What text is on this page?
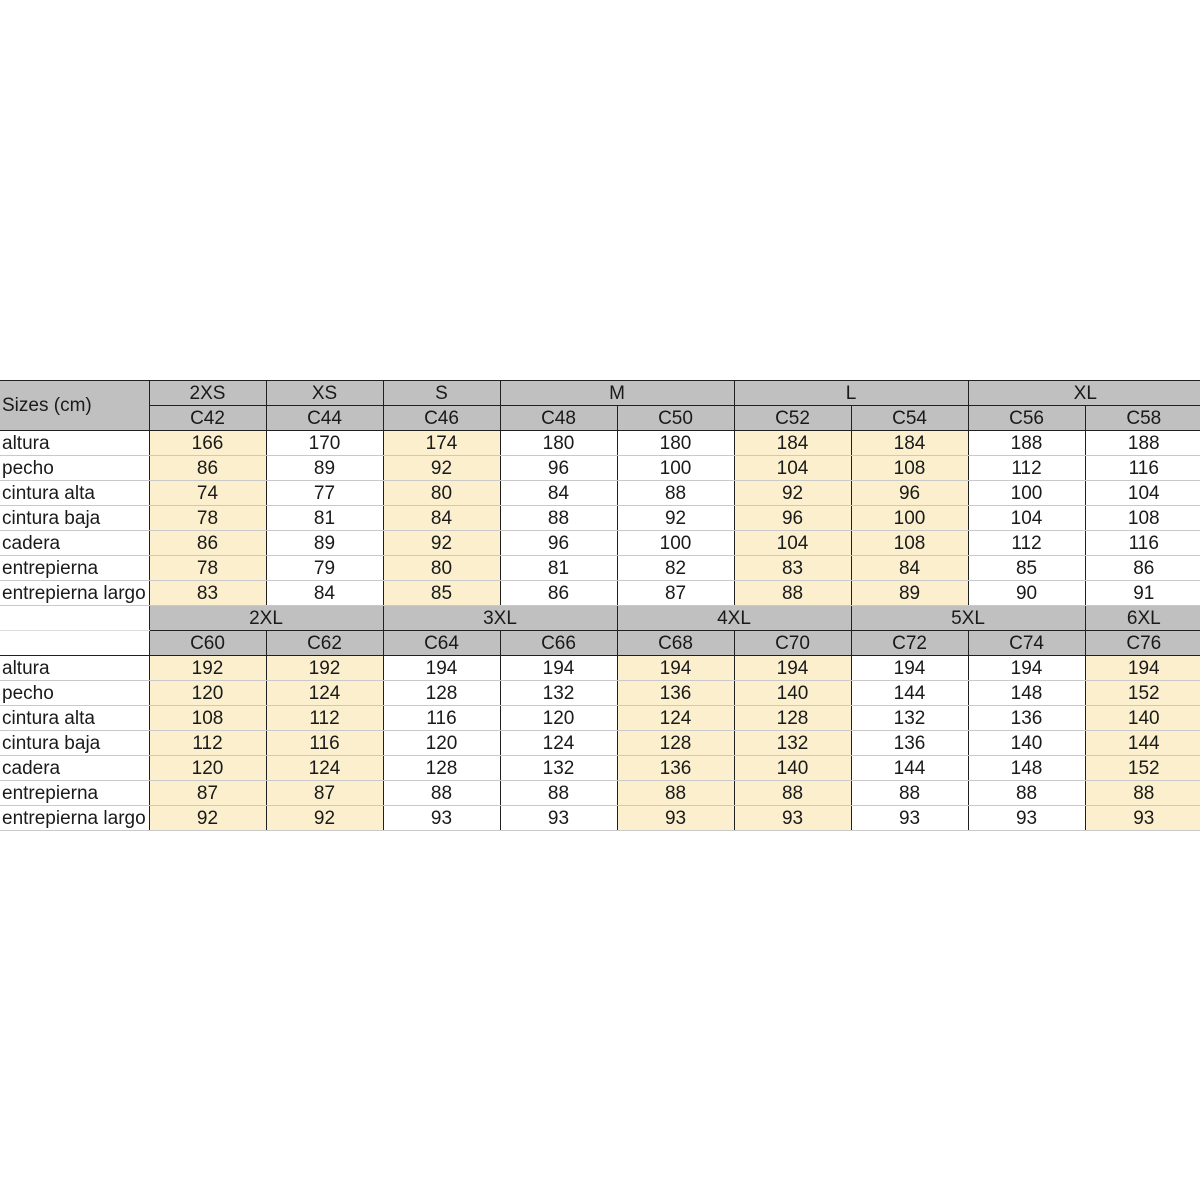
Sizes (cm)	2XS	XS	S	M		L		XL	
	C42	C44	C46	C48	C50	C52	C54	C56	C58
altura	166	170	174	180	180	184	184	188	188
pecho	86	89	92	96	100	104	108	112	116
cintura alta	74	77	80	84	88	92	96	100	104
cintura baja	78	81	84	88	92	96	100	104	108
cadera	86	89	92	96	100	104	108	112	116
entrepierna	78	79	80	81	82	83	84	85	86
entrepierna largo	83	84	85	86	87	88	89	90	91
	2XL		3XL		4XL		5XL		6XL
	C60	C62	C64	C66	C68	C70	C72	C74	C76
altura	192	192	194	194	194	194	194	194	194
pecho	120	124	128	132	136	140	144	148	152
cintura alta	108	112	116	120	124	128	132	136	140
cintura baja	112	116	120	124	128	132	136	140	144
cadera	120	124	128	132	136	140	144	148	152
entrepierna	87	87	88	88	88	88	88	88	88
entrepierna largo	92	92	93	93	93	93	93	93	93
